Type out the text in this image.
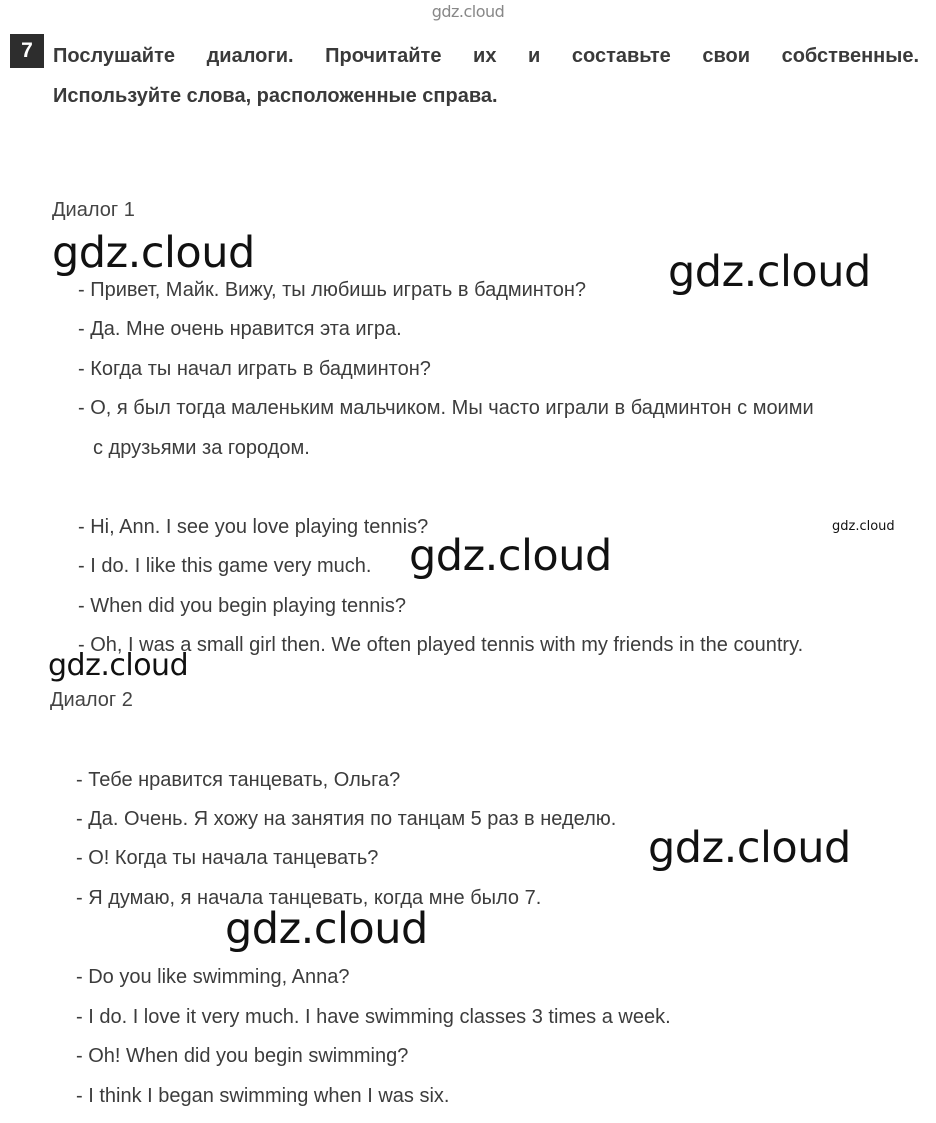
gdz.cloud
7	Послушайте диалоги. Прочитайте их и составьте свои собственные.
Используйте слова, расположенные справа.
Диалог 1
- Привет, Майк. Вижу, ты любишь играть в бадминтон?
- Да. Мне очень нравится эта игра.
- Когда ты начал играть в бадминтон?
- О, я был тогда маленьким мальчиком. Мы часто играли в бадминтон с моими
с друзьями за городом.
- Hi, Ann. I see you love playing tennis?
- I do. I like this game very much.
- When did you begin playing tennis?
- Oh, I was a small girl then. We often played tennis with my friends in the country.
Диалог 2
- Тебе нравится танцевать, Ольга?
- Да. Очень. Я хожу на занятия по танцам 5 раз в неделю.
- О! Когда ты начала танцевать?
- Я думаю, я начала танцевать, когда мне было 7.
- Do you like swimming, Anna?
- I do. I love it very much. I have swimming classes 3 times a week.
- Oh! When did you begin swimming?
- I think I began swimming when I was six.
gdz.cloud	gdz.cloud
gdz.cloud
gdz.cloud
gdz.cloud
gdz.cloud
gdz.cloud
